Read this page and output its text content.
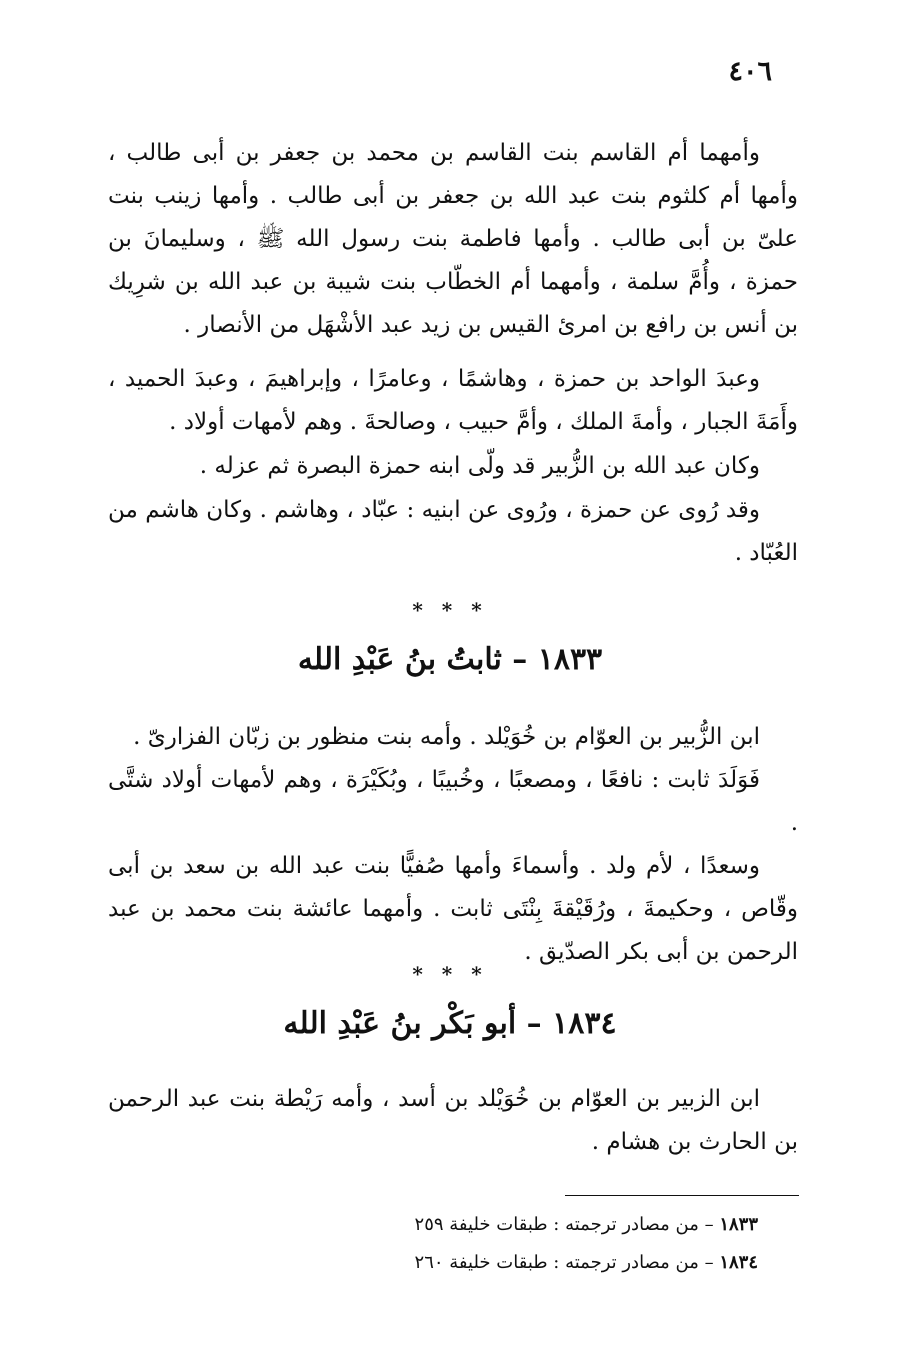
٤٠٦

وأمهما أم القاسم بنت القاسم بن محمد بن جعفر بن أبى طالب ، وأمها أم كلثوم بنت عبد الله بن جعفر بن أبى طالب . وأمها زينب بنت علىّ بن أبى طالب . وأمها فاطمة بنت رسول الله ﷺ ، وسليمانَ بن حمزة ، وأُمَّ سلمة ، وأمهما أم الخطّاب بنت شيبة بن عبد الله بن شرِيك بن أنس بن رافع بن امرئ القيس بن زيد عبد الأشْهَل من الأنصار .

وعبدَ الواحد بن حمزة ، وهاشمًا ، وعامرًا ، وإبراهيمَ ، وعبدَ الحميد ، وأَمَةَ الجبار ، وأمةَ الملك ، وأمَّ حبيب ، وصالحةَ . وهم لأمهات أولاد .

وكان عبد الله بن الزُّبير قد ولّى ابنه حمزة البصرة ثم عزله .

وقد رُوى عن حمزة ، ورُوى عن ابنيه : عبّاد ، وهاشم . وكان هاشم من العُبّاد .

* * *
١٨٣٣ – ثابتُ بنُ عَبْدِ الله

ابن الزُّبير بن العوّام بن خُوَيْلد . وأمه بنت منظور بن زبّان الفزارىّ .

فَوَلَدَ ثابت : نافعًا ، ومصعبًا ، وخُبيبًا ، وبُكَيْرَة ، وهم لأمهات أولاد شتَّى .

وسعدًا ، لأم ولد . وأسماءَ وأمها صُفيًّا بنت عبد الله بن سعد بن أبى وقّاص ، وحكيمةَ ، ورُقَيْقةَ بِنْتَى ثابت . وأمهما عائشة بنت محمد بن عبد الرحمن بن أبى بكر الصدّيق .

* * *
١٨٣٤ – أبو بَكْر بنُ عَبْدِ الله

ابن الزبير بن العوّام بن خُوَيْلد بن أسد ، وأمه رَيْطة بنت عبد الرحمن بن الحارث بن هشام .

١٨٣٣ – من مصادر ترجمته : طبقات خليفة ٢٥٩

١٨٣٤ – من مصادر ترجمته : طبقات خليفة ٢٦٠
